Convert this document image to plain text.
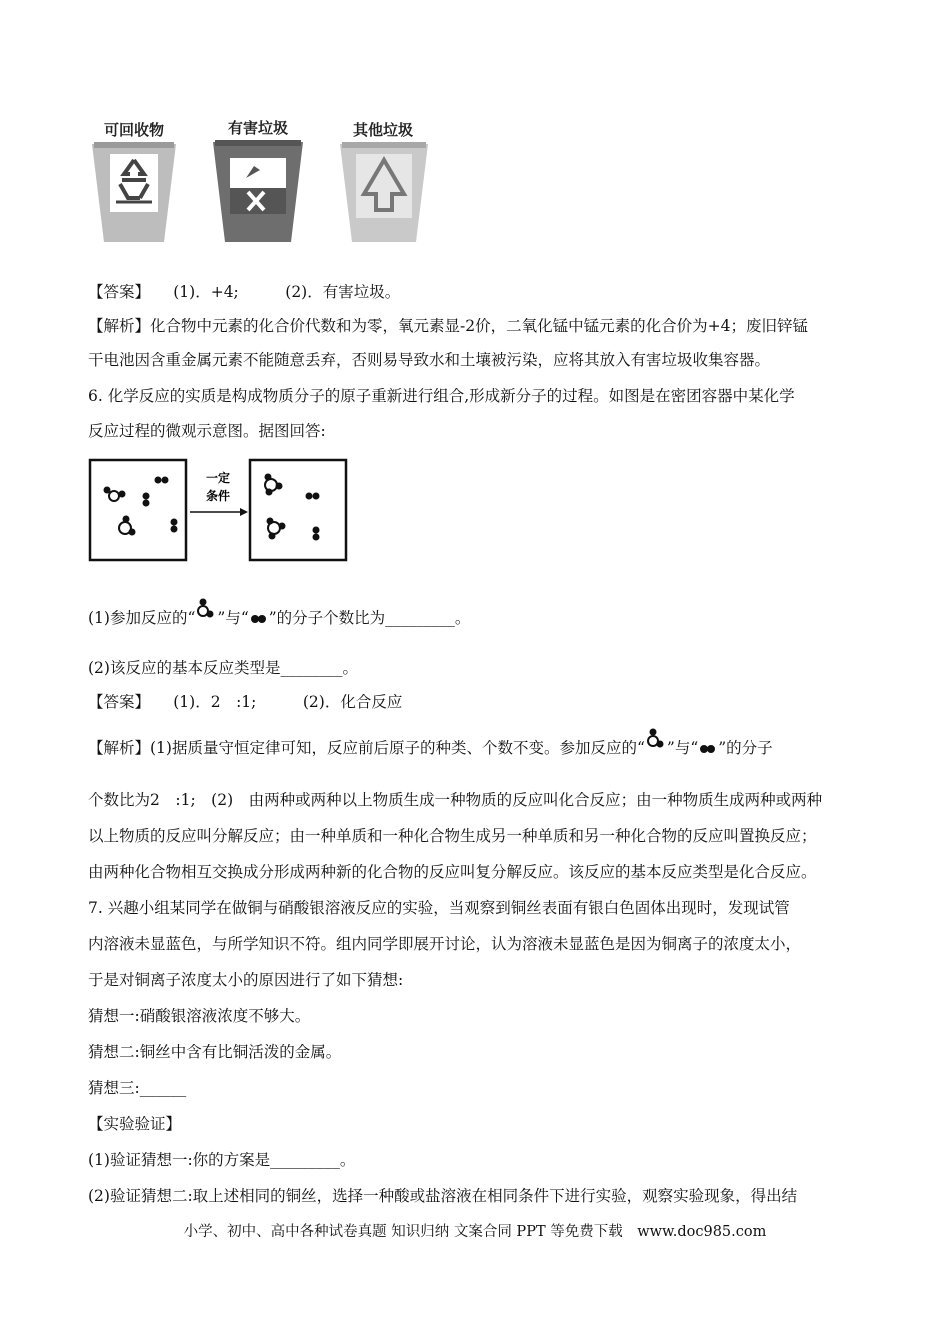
可回收物	有害垃圾	其他垃圾
【答案】　　(1)．+4;　　　(2)．有害垃圾。
【解析】化合物中元素的化合价代数和为零，氧元素显-2价，二氧化锰中锰元素的化合价为+4；废旧锌锰
干电池因含重金属元素不能随意丢弃，否则易导致水和土壤被污染，应将其放入有害垃圾收集容器。
6. 化学反应的实质是构成物质分子的原子重新进行组合,形成新分子的过程。如图是在密团容器中某化学
反应过程的微观示意图。据图回答:
一定
条件
(1)参加反应的“ ”与“ ”的分子个数比为_________。
(2)该反应的基本反应类型是________。
【答案】　　(1)．2　:1;　　　(2)．化合反应
【解析】(1)据质量守恒定律可知，反应前后原子的种类、个数不变。参加反应的“ ”与“ ”的分子
个数比为2　:1;　(2)　由两种或两种以上物质生成一种物质的反应叫化合反应；由一种物质生成两种或两种
以上物质的反应叫分解反应；由一种单质和一种化合物生成另一种单质和另一种化合物的反应叫置换反应；
由两种化合物相互交换成分形成两种新的化合物的反应叫复分解反应。该反应的基本反应类型是化合反应。
7. 兴趣小组某同学在做铜与硝酸银溶液反应的实验，当观察到铜丝表面有银白色固体出现时，发现试管
内溶液未显蓝色，与所学知识不符。组内同学即展开讨论，认为溶液未显蓝色是因为铜离子的浓度太小，
于是对铜离子浓度太小的原因进行了如下猜想:
猜想一:硝酸银溶液浓度不够大。
猜想二:铜丝中含有比铜活泼的金属。
猜想三:______
【实验验证】
(1)验证猜想一:你的方案是_________。
(2)验证猜想二:取上述相同的铜丝，选择一种酸或盐溶液在相同条件下进行实验，观察实验现象，得出结
小学、初中、高中各种试卷真题 知识归纳 文案合同 PPT 等免费下载　www.doc985.com
